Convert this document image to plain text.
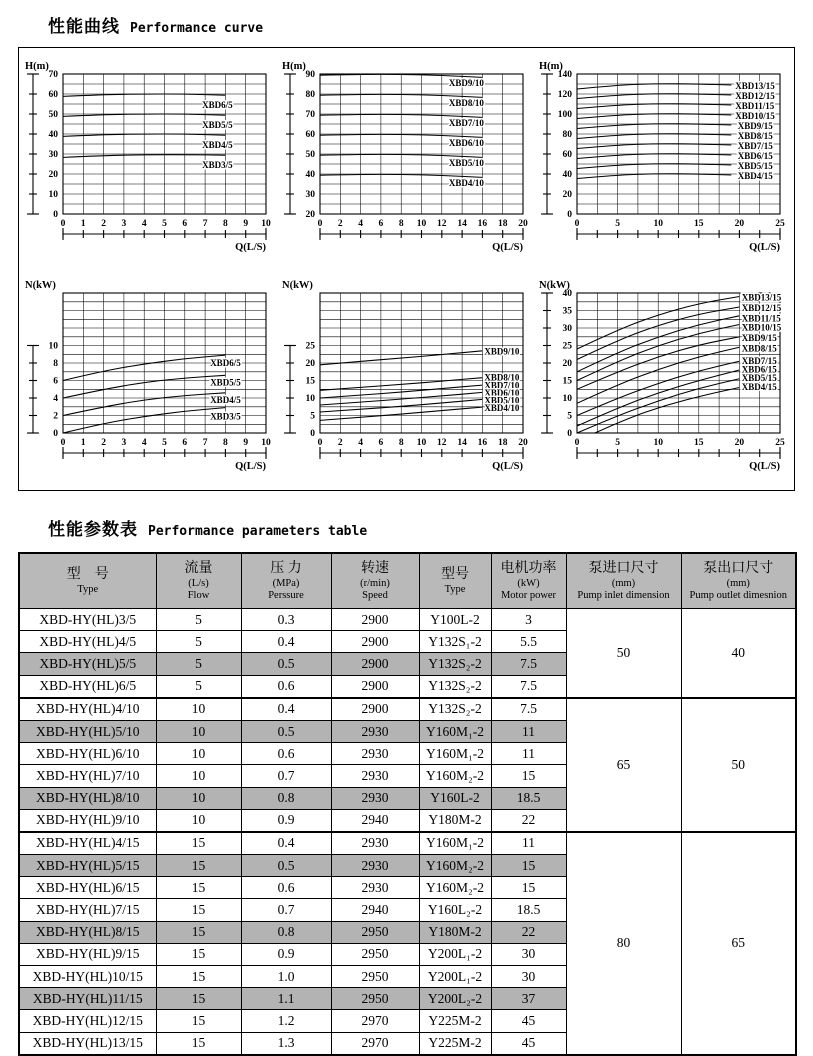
性能曲线 Performance curve
H(m)
0
10
20
30
40
50
60
70
0 1 2 3 4 5 6 7 8 9 10
Q(L/S)
XBD6/5
XBD5/5
XBD4/5
XBD3/5
H(m)
20
30
40
50
60
70
80
90
0 2 4 6 8 10 12 14 16 18 20
Q(L/S)
XBD9/10
XBD8/10
XBD7/10
XBD6/10
XBD5/10
XBD4/10
H(m)
0
20
40
60
80
100
120
140
0	5	10	15	20	25
Q(L/S)
XBD13/15
XBD12/15
XBD11/15
XBD10/15
XBD9/15
XBD8/15
XBD7/15
XBD6/15
XBD5/15
XBD4/15
N(kW)
0
2
4
6
8
10
0 1 2 3 4 5 6 7 8 9 10
Q(L/S)
XBD6/5
XBD5/5
XBD4/5
XBD3/5
N(kW)
0
5
10
15
20
25
0 2 4 6 8 10 12 14 16 18 20
Q(L/S)
XBD9/10
XBD8/10
XBD7/10
XBD6/10
XBD5/10
XBD4/10
N(kW)
0
5
10
15
20
25
30
35
40
0	5	10	15	20	25
Q(L/S)
XBD13/15
XBD12/15
XBD11/15
XBD10/15
XBD9/15
XBD8/15
XBD7/15
XBD6/15
XBD5/15
XBD4/15
性能参数表 Performance parameters table
型　号
Type

流量
(L/s)
Flow

压 力
(MPa)
Perssure

转速
(r/min)
Speed

型号
Type

电机功率
(kW)
Motor power

泵进口尺寸
(mm)
Pump inlet dimension

泵出口尺寸
(mm)
Pump outlet dimesnion

XBD-HY(HL)3/5	5	0.3	2900	Y100L-2	3	50	40
XBD-HY(HL)4/5	5	0.4	2900	Y132S₁-2	5.5		
XBD-HY(HL)5/5	5	0.5	2900	Y132S₂-2	7.5		
XBD-HY(HL)6/5	5	0.6	2900	Y132S₂-2	7.5		
XBD-HY(HL)4/10	10	0.4	2900	Y132S₂-2	7.5	65	50
XBD-HY(HL)5/10	10	0.5	2930	Y160M₁-2	11		
XBD-HY(HL)6/10	10	0.6	2930	Y160M₁-2	11		
XBD-HY(HL)7/10	10	0.7	2930	Y160M₂-2	15		
XBD-HY(HL)8/10	10	0.8	2930	Y160L-2	18.5		
XBD-HY(HL)9/10	10	0.9	2940	Y180M-2	22		
XBD-HY(HL)4/15	15	0.4	2930	Y160M₁-2	11	80	65
XBD-HY(HL)5/15	15	0.5	2930	Y160M₂-2	15		
XBD-HY(HL)6/15	15	0.6	2930	Y160M₂-2	15		
XBD-HY(HL)7/15	15	0.7	2940	Y160L₂-2	18.5		
XBD-HY(HL)8/15	15	0.8	2950	Y180M-2	22		
XBD-HY(HL)9/15	15	0.9	2950	Y200L₁-2	30		
XBD-HY(HL)10/15	15	1.0	2950	Y200L₁-2	30		
XBD-HY(HL)11/15	15	1.1	2950	Y200L₂-2	37		
XBD-HY(HL)12/15	15	1.2	2970	Y225M-2	45		
XBD-HY(HL)13/15	15	1.3	2970	Y225M-2	45		
